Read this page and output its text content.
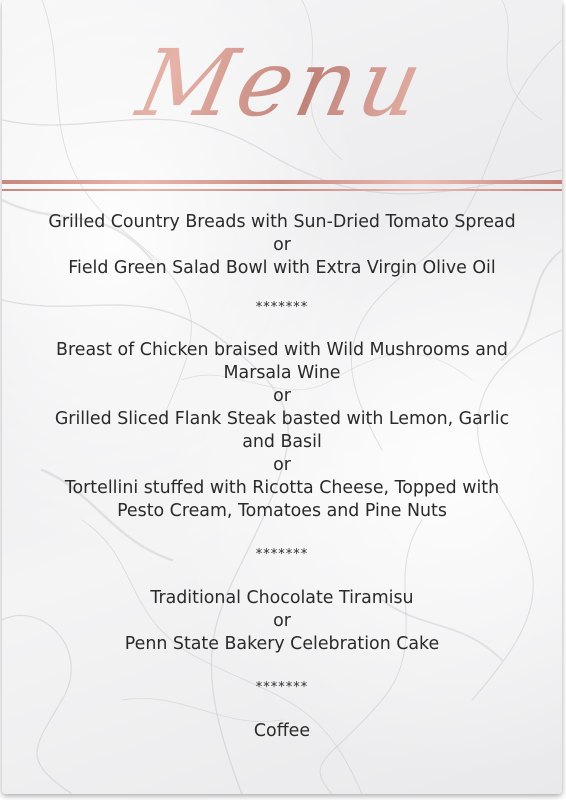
Menu
Grilled Country Breads with Sun-Dried Tomato Spread
or
Field Green Salad Bowl with Extra Virgin Olive Oil
*******
Breast of Chicken braised with Wild Mushrooms and
Marsala Wine
or
Grilled Sliced Flank Steak basted with Lemon, Garlic
and Basil
or
Tortellini stuffed with Ricotta Cheese, Topped with
Pesto Cream, Tomatoes and Pine Nuts
*******
Traditional Chocolate Tiramisu
or
Penn State Bakery Celebration Cake
*******
Coffee
